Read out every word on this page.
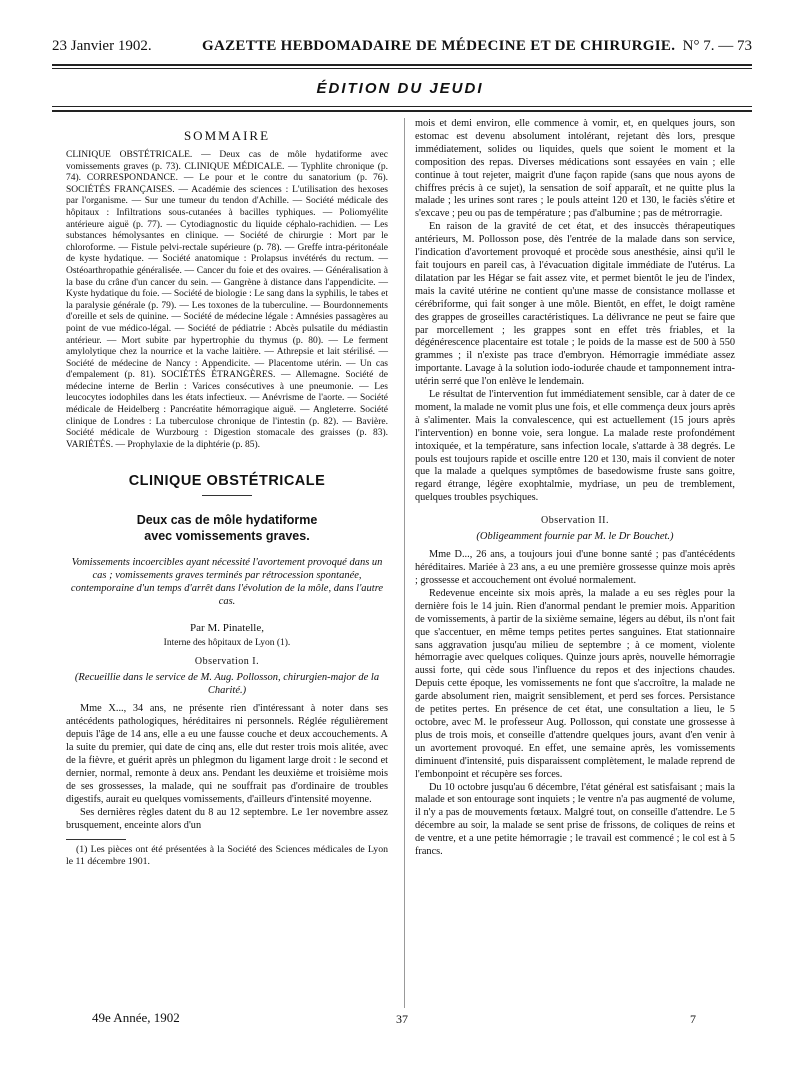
23 Janvier 1902.	GAZETTE HEBDOMADAIRE DE MÉDECINE ET DE CHIRURGIE. N° 7. — 73
ÉDITION DU JEUDI
SOMMAIRE

CLINIQUE OBSTÉTRICALE. — Deux cas de môle hydatiforme avec vomissements graves (p. 73). CLINIQUE MÉDICALE. — Typhlite chronique (p. 74). CORRESPONDANCE. — Le pour et le contre du sanatorium (p. 76). SOCIÉTÉS FRANÇAISES. — Académie des sciences : L'utilisation des hexoses par l'organisme. — Sur une tumeur du tendon d'Achille. — Société médicale des hôpitaux : Infiltrations sous-cutanées à bacilles typhiques. — Poliomyélite antérieure aiguë (p. 77). — Cytodiagnostic du liquide céphalo-rachidien. — Les substances hémolysantes en clinique. — Société de chirurgie : Mort par le chloroforme. — Fistule pelvi-rectale supérieure (p. 78). — Greffe intra-péritonéale de kyste hydatique. — Société anatomique : Prolapsus invétérés du rectum. — Ostéoarthropathie généralisée. — Cancer du foie et des ovaires. — Généralisation à la base du crâne d'un cancer du sein. — Gangrène à distance dans l'appendicite. — Kyste hydatique du foie. — Société de biologie : Le sang dans la syphilis, le tabes et la paralysie générale (p. 79). — Les toxones de la tuberculine. — Bourdonnements d'oreille et sels de quinine. — Société de médecine légale : Amnésies passagères au point de vue médico-légal. — Société de pédiatrie : Abcès pulsatile du médiastin antérieur. — Mort subite par hypertrophie du thymus (p. 80). — Le ferment amylolytique chez la nourrice et la vache laitière. — Athrepsie et lait stérilisé. — Société de médecine de Nancy : Appendicite. — Placentome utérin. — Un cas d'empalement (p. 81). SOCIÉTÉS ÉTRANGÈRES. — Allemagne. Société de médecine interne de Berlin : Varices consécutives à une pneumonie. — Les leucocytes iodophiles dans les états infectieux. — Anévrisme de l'aorte. — Société médicale de Heidelberg : Pancréatite hémorragique aiguë. — Angleterre. Société clinique de Londres : La tuberculose chronique de l'intestin (p. 82). — Bavière. Société médicale de Wurzbourg : Digestion stomacale des graisses (p. 83). VARIÉTÉS. — Prophylaxie de la diphtérie (p. 85).

CLINIQUE OBSTÉTRICALE
Deux cas de môle hydatiforme
avec vomissements graves.
Vomissements incoercibles ayant nécessité l'avortement provoqué dans un cas ; vomissements graves terminés par rétrocession spontanée, contemporaine d'un temps d'arrêt dans l'évolution de la môle, dans l'autre cas.
Par M. Pinatelle,
Interne des hôpitaux de Lyon (1).
Observation I.
(Recueillie dans le service de M. Aug. Pollosson, chirurgien-major de la Charité.)

Mme X..., 34 ans, ne présente rien d'intéressant à noter dans ses antécédents pathologiques, héréditaires ni personnels. Réglée régulièrement depuis l'âge de 14 ans, elle a eu une fausse couche et deux accouchements. A la suite du premier, qui date de cinq ans, elle dut rester trois mois alitée, avec de la fièvre, et guérit après un phlegmon du ligament large droit : le second et dernier, normal, remonte à deux ans. Pendant les deuxième et troisième mois de ses grossesses, la malade, qui ne souffrait pas d'ordinaire de troubles digestifs, aurait eu quelques vomissements, d'ailleurs d'intensité moyenne.

Ses dernières règles datent du 8 au 12 septembre. Le 1er novembre assez brusquement, enceinte alors d'un

(1) Les pièces ont été présentées à la Société des Sciences médicales de Lyon le 11 décembre 1901.

mois et demi environ, elle commence à vomir, et, en quelques jours, son estomac est devenu absolument intolérant, rejetant dès lors, presque immédiatement, solides ou liquides, quels que soient le moment et la composition des repas. Diverses médications sont essayées en vain ; elle continue à tout rejeter, maigrit d'une façon rapide (sans que nous ayons de chiffres précis à ce sujet), la sensation de soif apparaît, et ne quitte plus la malade ; les urines sont rares ; le pouls atteint 120 et 130, le faciès s'étire et s'excave ; peu ou pas de température ; pas d'albumine ; pas de métrorragie.

En raison de la gravité de cet état, et des insuccès thérapeutiques antérieurs, M. Pollosson pose, dès l'entrée de la malade dans son service, l'indication d'avortement provoqué et procède sous anesthésie, ainsi qu'il le fait toujours en pareil cas, à l'évacuation digitale immédiate de l'utérus. La dilatation par les Hégar se fait assez vite, et permet bientôt le jeu de l'index, mais la cavité utérine ne contient qu'une masse de consistance mollasse et cérébriforme, qui fait songer à une môle. Bientôt, en effet, le doigt ramène des grappes de groseilles caractéristiques. La délivrance ne peut se faire que par morcellement ; les grappes sont en effet très friables, et la dégénérescence placentaire est totale ; le poids de la masse est de 500 à 550 grammes ; il n'existe pas trace d'embryon. Hémorragie immédiate assez importante. Lavage à la solution iodo-iodurée chaude et tamponnement intra-utérin serré que l'on enlève le lendemain.

Le résultat de l'intervention fut immédiatement sensible, car à dater de ce moment, la malade ne vomit plus une fois, et elle commença deux jours après à s'alimenter. Mais la convalescence, qui est actuellement (15 jours après l'intervention) en bonne voie, sera longue. La malade reste profondément intoxiquée, et la température, sans infection locale, s'attarde à 38 degrés. Le pouls est toujours rapide et oscille entre 120 et 130, mais il convient de noter que la malade a quelques symptômes de basedowisme fruste sans goitre, regard étrange, légère exophtalmie, mydriase, un peu de tremblement, quelques troubles psychiques.

Observation II.
(Obligeamment fournie par M. le Dr Bouchet.)

Mme D..., 26 ans, a toujours joui d'une bonne santé ; pas d'antécédents héréditaires. Mariée à 23 ans, a eu une première grossesse quinze mois après ; grossesse et accouchement ont évolué normalement.

Redevenue enceinte six mois après, la malade a eu ses règles pour la dernière fois le 14 juin. Rien d'anormal pendant le premier mois. Apparition de vomissements, à partir de la sixième semaine, légers au début, ils n'ont fait que s'accentuer, en même temps petites pertes sanguines. Etat stationnaire sans aggravation jusqu'au milieu de septembre ; à ce moment, violente hémorragie avec quelques coliques. Quinze jours après, nouvelle hémorragie aussi forte, qui cède sous l'influence du repos et des injections chaudes. Depuis cette époque, les vomissements ne font que s'accroître, la malade ne garde absolument rien, maigrit sensiblement, et perd ses forces. Persistance de petites pertes. En présence de cet état, une consultation a lieu, le 5 octobre, avec M. le professeur Aug. Pollosson, qui constate une grossesse à plus de trois mois, et conseille d'attendre quelques jours, avant d'en venir à un avortement provoqué. En effet, une semaine après, les vomissements diminuent d'intensité, puis disparaissent complètement, le malade reprend de l'embonpoint et récupère ses forces.

Du 10 octobre jusqu'au 6 décembre, l'état général est satisfaisant ; mais la malade et son entourage sont inquiets ; le ventre n'a pas augmenté de volume, il n'y a pas de mouvements fœtaux. Malgré tout, on conseille d'attendre. Le 5 décembre au soir, la malade se sent prise de frissons, de coliques de reins et de ventre, et a une petite hémorragie ; le travail est commencé ; le col est à 5 francs.

49e Année, 1902	37	7
